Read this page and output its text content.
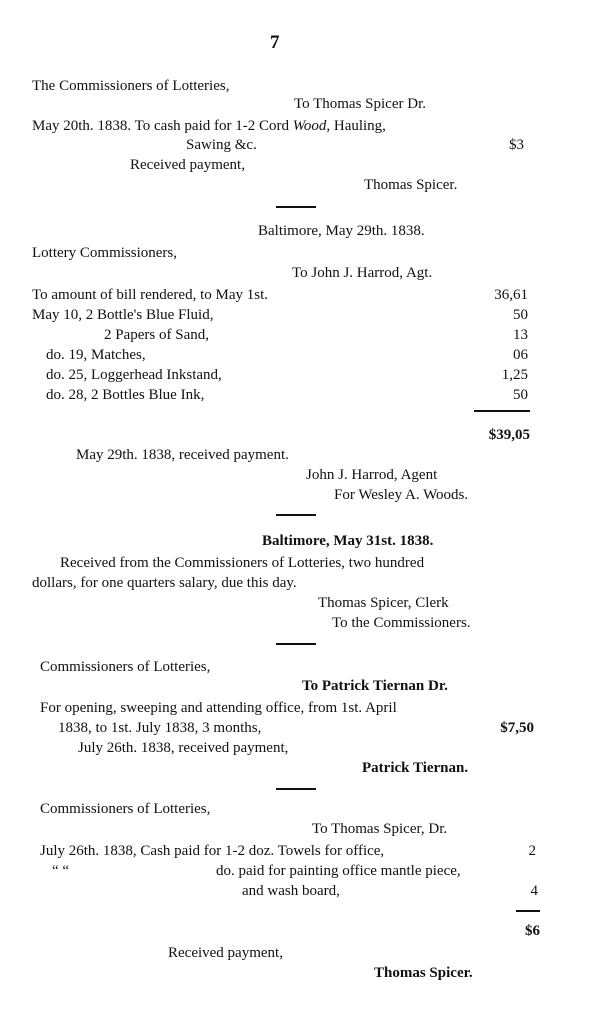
7
The Commissioners of Lotteries,
To Thomas Spicer Dr.
May 20th. 1838. To cash paid for 1-2 Cord Wood, Hauling,
Sawing &c.	$3
Received payment,
Thomas Spicer.
Baltimore, May 29th. 1838.
Lottery Commissioners,
To John J. Harrod, Agt.
To amount of bill rendered, to May 1st.	36,61
May 10, 2 Bottle's Blue Fluid,	50
2 Papers of Sand,	13
do. 19, Matches,	06
do. 25, Loggerhead Inkstand,	1,25
do. 28, 2 Bottles Blue Ink,	50
$39,05
May 29th. 1838, received payment.
John J. Harrod, Agent
For Wesley A. Woods.
Baltimore, May 31st. 1838.
Received from the Commissioners of Lotteries, two hundred
dollars, for one quarters salary, due this day.
Thomas Spicer, Clerk
To the Commissioners.
Commissioners of Lotteries,
To Patrick Tiernan Dr.
For opening, sweeping and attending office, from 1st. April
1838, to 1st. July 1838, 3 months,	$7,50
July 26th. 1838, received payment,
Patrick Tiernan.
Commissioners of Lotteries,
To Thomas Spicer, Dr.
July 26th. 1838, Cash paid for 1-2 doz. Towels for office,	2
“ “	do. paid for painting office mantle piece,
and wash board,	4
$6
Received payment,
Thomas Spicer.
